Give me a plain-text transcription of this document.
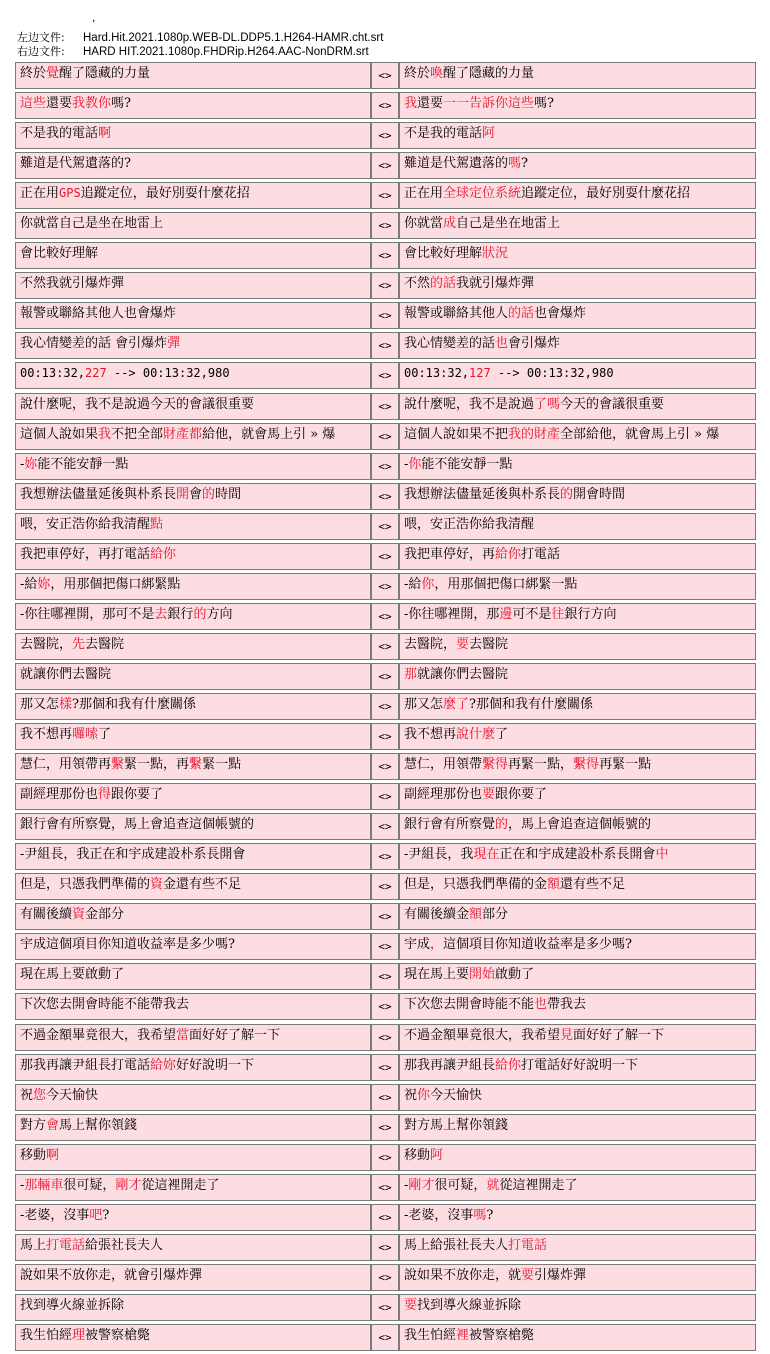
,
左边文件: Hard.Hit.2021.1080p.WEB-DL.DDP5.1.H264-HAMR.cht.srt
右边文件: HARD HIT.2021.1080p.FHDRip.H264.AAC-NonDRM.srt
終於覺醒了隱藏的力量	<> 終於喚醒了隱藏的力量
這些還要我教你嗎?	<> 我還要一一告訴你這些嗎?
不是我的電話啊	<> 不是我的電話阿
難道是代駕遺落的?	<> 難道是代駕遺落的嗎?
正在用GPS追蹤定位，最好別耍什麼花招	<> 正在用全球定位系統追蹤定位，最好別耍什麼花招
你就當自己是坐在地雷上	<> 你就當成自己是坐在地雷上
會比較好理解	<> 會比較好理解狀況
不然我就引爆炸彈	<> 不然的話我就引爆炸彈
報警或聯絡其他人也會爆炸	<> 報警或聯絡其他人的話也會爆炸
我心情變差的話 會引爆炸彈	<> 我心情變差的話也會引爆炸
00:13:32,227 --> 00:13:32,980	<>	00:13:32,127 --> 00:13:32,980
說什麼呢，我不是說過今天的會議很重要	<> 說什麼呢，我不是說過了嗎今天的會議很重要
這個人說如果我不把全部財產都給他，就會馬上引 » 爆	<> 這個人說如果不把我的財產全部給他，就會馬上引 » 爆
-妳能不能安靜一點	<> -你能不能安靜一點
我想辦法儘量延後與朴系長開會的時間	<> 我想辦法儘量延後與朴系長的開會時間
喂，安正浩你給我清醒點	<> 喂，安正浩你給我清醒
我把車停好，再打電話給你	<> 我把車停好，再給你打電話
-給妳，用那個把傷口綁緊點	<> -給你，用那個把傷口綁緊一點
-你往哪裡開，那可不是去銀行的方向	<> -你往哪裡開，那邊可不是往銀行方向
去醫院，先去醫院	<> 去醫院，要去醫院
就讓你們去醫院	<> 那就讓你們去醫院
那又怎樣?那個和我有什麼關係	<> 那又怎麼了?那個和我有什麼關係
我不想再囉嗦了	<> 我不想再說什麼了
慧仁，用領帶再繫緊一點，再繫緊一點	<> 慧仁，用領帶繫得再緊一點，繫得再緊一點
副經理那份也得跟你要了	<> 副經理那份也要跟你要了
銀行會有所察覺，馬上會追查這個帳號的	<> 銀行會有所察覺的，馬上會追查這個帳號的
-尹組長，我正在和宇成建設朴系長開會	<> -尹組長，我現在正在和宇成建設朴系長開會中
但是，只憑我們準備的資金還有些不足	<> 但是，只憑我們準備的金額還有些不足
有關後續資金部分	<> 有關後續金額部分
宇成這個項目你知道收益率是多少嗎?	<> 宇成，這個項目你知道收益率是多少嗎?
現在馬上要啟動了	<> 現在馬上要開始啟動了
下次您去開會時能不能帶我去	<> 下次您去開會時能不能也帶我去
不過金額畢竟很大，我希望當面好好了解一下	<> 不過金額畢竟很大，我希望見面好好了解一下
那我再讓尹組長打電話給妳好好說明一下	<> 那我再讓尹組長給你打電話好好說明一下
祝您今天愉快	<> 祝你今天愉快
對方會馬上幫你領錢	<> 對方馬上幫你領錢
移動啊	<> 移動阿
-那輛車很可疑，剛才從這裡開走了	<> -剛才很可疑，就從這裡開走了
-老婆，沒事吧?	<> -老婆，沒事嗎?
馬上打電話給張社長夫人	<> 馬上給張社長夫人打電話
說如果不放你走，就會引爆炸彈	<> 說如果不放你走，就要引爆炸彈
找到導火線並拆除	<> 要找到導火線並拆除
我生怕經理被警察槍斃	<> 我生怕經裡被警察槍斃
